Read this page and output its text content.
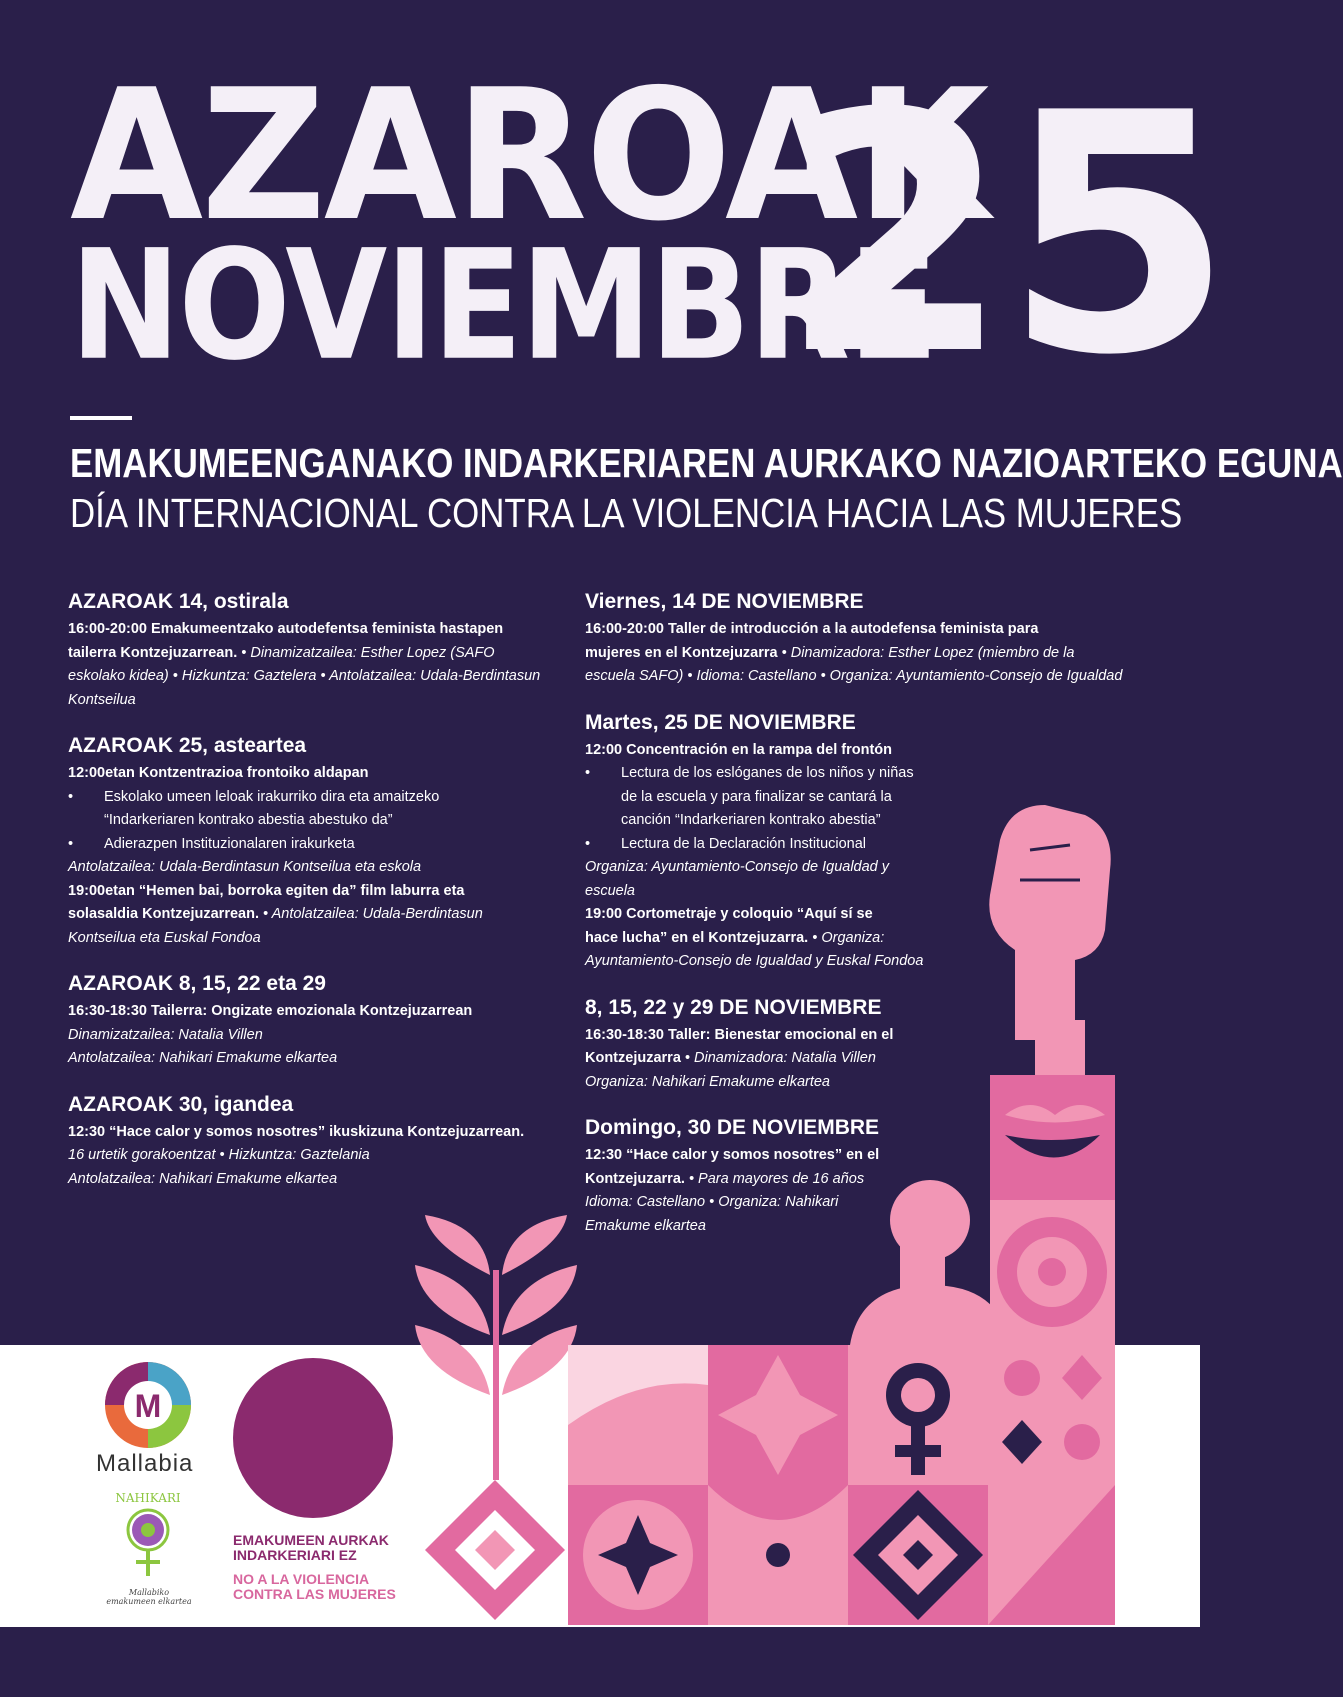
AZAROAK
NOVIEMBRE
25
EMAKUMEENGANAKO INDARKERIAREN AURKAKO NAZIOARTEKO EGUNA
DÍA INTERNACIONAL CONTRA LA VIOLENCIA HACIA LAS MUJERES

AZAROAK 14, ostirala

16:00-20:00 Emakumeentzako autodefentsa feminista hastapen

tailerra Kontzejuzarrean. • Dinamizatzailea: Esther Lopez (SAFO

eskolako kidea) • Hizkuntza: Gaztelera • Antolatzailea: Udala-Berdintasun

Kontseilua

AZAROAK 25, asteartea

12:00etan Kontzentrazioa frontoiko aldapan

• Eskolako umeen leloak irakurriko dira eta amaitzeko

“Indarkeriaren kontrako abestia abestuko da”

• Adierazpen Instituzionalaren irakurketa

Antolatzailea: Udala-Berdintasun Kontseilua eta eskola

19:00etan “Hemen bai, borroka egiten da” film laburra eta

solasaldia Kontzejuzarrean. • Antolatzailea: Udala-Berdintasun

Kontseilua eta Euskal Fondoa

AZAROAK 8, 15, 22 eta 29

16:30-18:30 Tailerra: Ongizate emozionala Kontzejuzarrean

Dinamizatzailea: Natalia Villen

Antolatzailea: Nahikari Emakume elkartea

AZAROAK 30, igandea

12:30 “Hace calor y somos nosotres” ikuskizuna Kontzejuzarrean.

16 urtetik gorakoentzat • Hizkuntza: Gaztelania

Antolatzailea: Nahikari Emakume elkartea

Viernes, 14 DE NOVIEMBRE

16:00-20:00 Taller de introducción a la autodefensa feminista para

mujeres en el Kontzejuzarra • Dinamizadora: Esther Lopez (miembro de la

escuela SAFO) • Idioma: Castellano • Organiza: Ayuntamiento-Consejo de Igualdad

Martes, 25 DE NOVIEMBRE

12:00 Concentración en la rampa del frontón

• Lectura de los eslóganes de los niños y niñas

de la escuela y para finalizar se cantará la

canción “Indarkeriaren kontrako abestia”

• Lectura de la Declaración Institucional

Organiza: Ayuntamiento-Consejo de Igualdad y

escuela

19:00 Cortometraje y coloquio “Aquí sí se

hace lucha” en el Kontzejuzarra. • Organiza:

Ayuntamiento-Consejo de Igualdad y Euskal Fondoa

8, 15, 22 y 29 DE NOVIEMBRE

16:30-18:30 Taller: Bienestar emocional en el

Kontzejuzarra • Dinamizadora: Natalia Villen

Organiza: Nahikari Emakume elkartea

Domingo, 30 DE NOVIEMBRE

12:30 “Hace calor y somos nosotres” en el

Kontzejuzarra. • Para mayores de 16 años

Idioma: Castellano • Organiza: Nahikari

Emakume elkartea

M
Mallabia
NAHIKARI
Mallabiko emakumeen elkartea
EMAKUMEEN AURKAK
INDARKERIARI EZ
NO A LA VIOLENCIA
CONTRA LAS MUJERES
